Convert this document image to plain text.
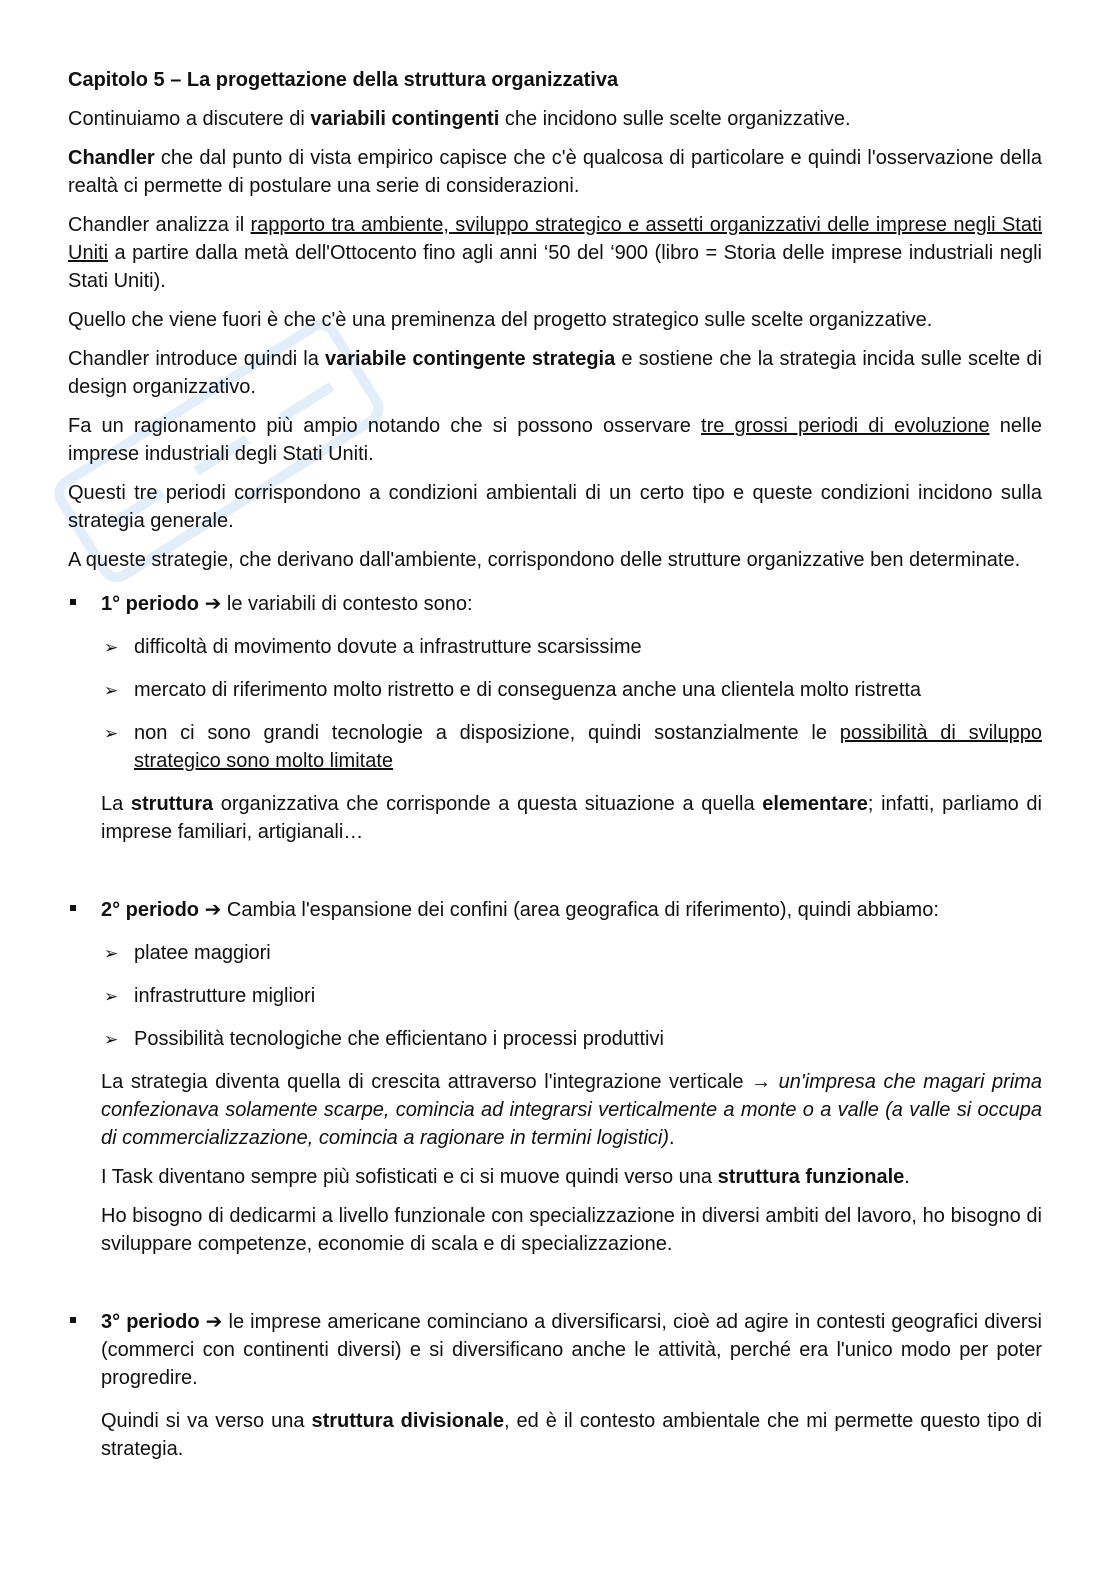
Capitolo 5 – La progettazione della struttura organizzativa

Continuiamo a discutere di variabili contingenti che incidono sulle scelte organizzative.

Chandler che dal punto di vista empirico capisce che c'è qualcosa di particolare e quindi l'osservazione della realtà ci permette di postulare una serie di considerazioni.

Chandler analizza il rapporto tra ambiente, sviluppo strategico e assetti organizzativi delle imprese negli Stati Uniti a partire dalla metà dell'Ottocento fino agli anni ‘50 del ‘900 (libro = Storia delle imprese industriali negli Stati Uniti).

Quello che viene fuori è che c'è una preminenza del progetto strategico sulle scelte organizzative.

Chandler introduce quindi la variabile contingente strategia e sostiene che la strategia incida sulle scelte di design organizzativo.

Fa un ragionamento più ampio notando che si possono osservare tre grossi periodi di evoluzione nelle imprese industriali degli Stati Uniti.

Questi tre periodi corrispondono a condizioni ambientali di un certo tipo e queste condizioni incidono sulla strategia generale.

A queste strategie, che derivano dall'ambiente, corrispondono delle strutture organizzative ben determinate.

1° periodo ➔ le variabili di contesto sono:

➢ difficoltà di movimento dovute a infrastrutture scarsissime

➢ mercato di riferimento molto ristretto e di conseguenza anche una clientela molto ristretta

➢ non ci sono grandi tecnologie a disposizione, quindi sostanzialmente le possibilità di sviluppo strategico sono molto limitate

La struttura organizzativa che corrisponde a questa situazione a quella elementare; infatti, parliamo di imprese familiari, artigianali…

2° periodo ➔ Cambia l'espansione dei confini (area geografica di riferimento), quindi abbiamo:

➢ platee maggiori

➢ infrastrutture migliori

➢ Possibilità tecnologiche che efficientano i processi produttivi

La strategia diventa quella di crescita attraverso l'integrazione verticale → un'impresa che magari prima confezionava solamente scarpe, comincia ad integrarsi verticalmente a monte o a valle (a valle si occupa di commercializzazione, comincia a ragionare in termini logistici).

I Task diventano sempre più sofisticati e ci si muove quindi verso una struttura funzionale.

Ho bisogno di dedicarmi a livello funzionale con specializzazione in diversi ambiti del lavoro, ho bisogno di sviluppare competenze, economie di scala e di specializzazione.

3° periodo ➔ le imprese americane cominciano a diversificarsi, cioè ad agire in contesti geografici diversi (commerci con continenti diversi) e si diversificano anche le attività, perché era l'unico modo per poter progredire.

Quindi si va verso una struttura divisionale, ed è il contesto ambientale che mi permette questo tipo di strategia.
